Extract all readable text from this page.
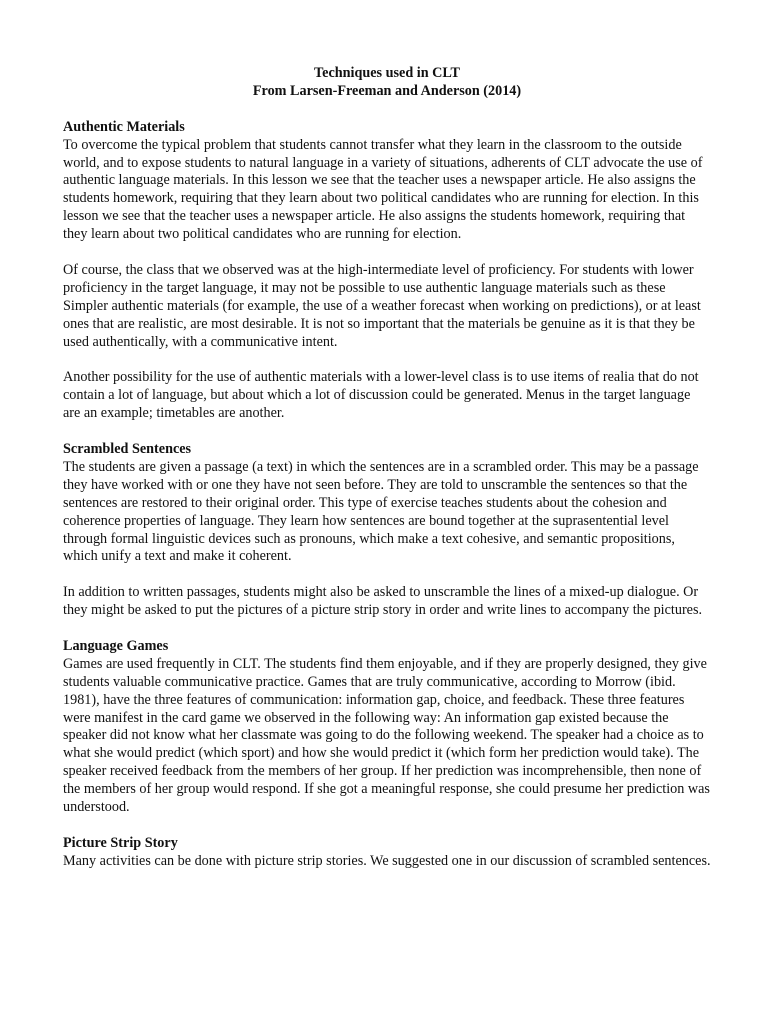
Techniques used in CLT
From Larsen-Freeman and Anderson (2014)
Authentic Materials

To overcome the typical problem that students cannot transfer what they learn in the classroom to the outside world, and to expose students to natural language in a variety of situations, adherents of CLT advocate the use of authentic language materials. In this lesson we see that the teacher uses a newspaper article. He also assigns the students homework, requiring that they learn about two political candidates who are running for election. In this lesson we see that the teacher uses a newspaper article. He also assigns the students homework, requiring that they learn about two political candidates who are running for election.

Of course, the class that we observed was at the high-intermediate level of proficiency. For students with lower proficiency in the target language, it may not be possible to use authentic language materials such as these Simpler authentic materials (for example, the use of a weather forecast when working on predictions), or at least ones that are realistic, are most desirable. It is not so important that the materials be genuine as it is that they be used authentically, with a communicative intent.

Another possibility for the use of authentic materials with a lower-level class is to use items of realia that do not contain a lot of language, but about which a lot of discussion could be generated. Menus in the target language are an example; timetables are another.

Scrambled Sentences

The students are given a passage (a text) in which the sentences are in a scrambled order. This may be a passage they have worked with or one they have not seen before. They are told to unscramble the sentences so that the sentences are restored to their original order. This type of exercise teaches students about the cohesion and coherence properties of language. They learn how sentences are bound together at the suprasentential level through formal linguistic devices such as pronouns, which make a text cohesive, and semantic propositions, which unify a text and make it coherent.

In addition to written passages, students might also be asked to unscramble the lines of a mixed-up dialogue. Or they might be asked to put the pictures of a picture strip story in order and write lines to accompany the pictures.

Language Games

Games are used frequently in CLT. The students find them enjoyable, and if they are properly designed, they give students valuable communicative practice. Games that are truly communicative, according to Morrow (ibid. 1981), have the three features of communication: information gap, choice, and feedback. These three features were manifest in the card game we observed in the following way: An information gap existed because the speaker did not know what her classmate was going to do the following weekend. The speaker had a choice as to what she would predict (which sport) and how she would predict it (which form her prediction would take). The speaker received feedback from the members of her group. If her prediction was incomprehensible, then none of the members of her group would respond. If she got a meaningful response, she could presume her prediction was understood.

Picture Strip Story

Many activities can be done with picture strip stories. We suggested one in our discussion of scrambled sentences.
